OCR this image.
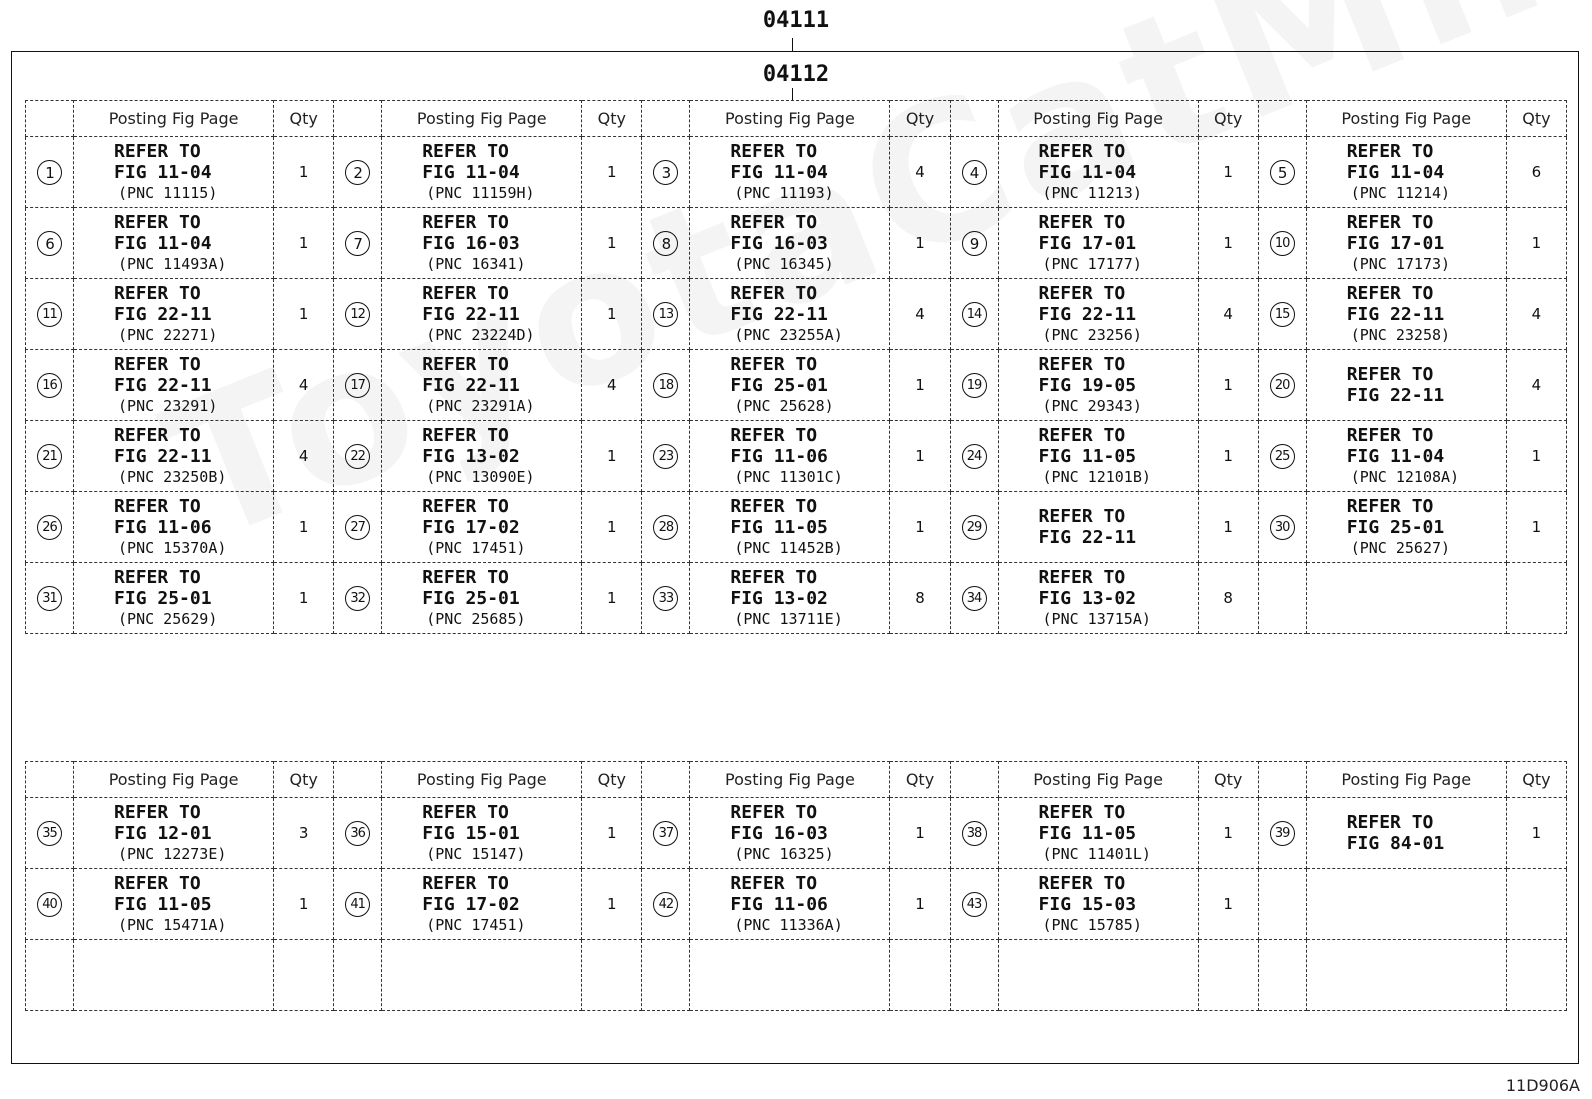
04111
04112
	Posting Fig Page	Qty		Posting Fig Page	Qty		Posting Fig Page	Qty		Posting Fig Page	Qty		Posting Fig Page	Qty
1	REFER TO
FIG 11-04
(PNC 11115)	1	2	REFER TO
FIG 11-04
(PNC 11159H)	1	3	REFER TO
FIG 11-04
(PNC 11193)	4	4	REFER TO
FIG 11-04
(PNC 11213)	1	5	REFER TO
FIG 11-04
(PNC 11214)	6
6	REFER TO
FIG 11-04
(PNC 11493A)	1	7	REFER TO
FIG 16-03
(PNC 16341)	1	8	REFER TO
FIG 16-03
(PNC 16345)	1	9	REFER TO
FIG 17-01
(PNC 17177)	1	10	REFER TO
FIG 17-01
(PNC 17173)	1
11	REFER TO
FIG 22-11
(PNC 22271)	1	12	REFER TO
FIG 22-11
(PNC 23224D)	1	13	REFER TO
FIG 22-11
(PNC 23255A)	4	14	REFER TO
FIG 22-11
(PNC 23256)	4	15	REFER TO
FIG 22-11
(PNC 23258)	4
16	REFER TO
FIG 22-11
(PNC 23291)	4	17	REFER TO
FIG 22-11
(PNC 23291A)	4	18	REFER TO
FIG 25-01
(PNC 25628)	1	19	REFER TO
FIG 19-05
(PNC 29343)	1	20	REFER TO
FIG 22-11	4
21	REFER TO
FIG 22-11
(PNC 23250B)	4	22	REFER TO
FIG 13-02
(PNC 13090E)	1	23	REFER TO
FIG 11-06
(PNC 11301C)	1	24	REFER TO
FIG 11-05
(PNC 12101B)	1	25	REFER TO
FIG 11-04
(PNC 12108A)	1
26	REFER TO
FIG 11-06
(PNC 15370A)	1	27	REFER TO
FIG 17-02
(PNC 17451)	1	28	REFER TO
FIG 11-05
(PNC 11452B)	1	29	REFER TO
FIG 22-11	1	30	REFER TO
FIG 25-01
(PNC 25627)	1
31	REFER TO
FIG 25-01
(PNC 25629)	1	32	REFER TO
FIG 25-01
(PNC 25685)	1	33	REFER TO
FIG 13-02
(PNC 13711E)	8	34	REFER TO
FIG 13-02
(PNC 13715A)	8			
	Posting Fig Page	Qty		Posting Fig Page	Qty		Posting Fig Page	Qty		Posting Fig Page	Qty		Posting Fig Page	Qty
35	REFER TO
FIG 12-01
(PNC 12273E)	3	36	REFER TO
FIG 15-01
(PNC 15147)	1	37	REFER TO
FIG 16-03
(PNC 16325)	1	38	REFER TO
FIG 11-05
(PNC 11401L)	1	39	REFER TO
FIG 84-01	1
40	REFER TO
FIG 11-05
(PNC 15471A)	1	41	REFER TO
FIG 17-02
(PNC 17451)	1	42	REFER TO
FIG 11-06
(PNC 11336A)	1	43	REFER TO
FIG 15-03
(PNC 15785)	1			

11D906A
